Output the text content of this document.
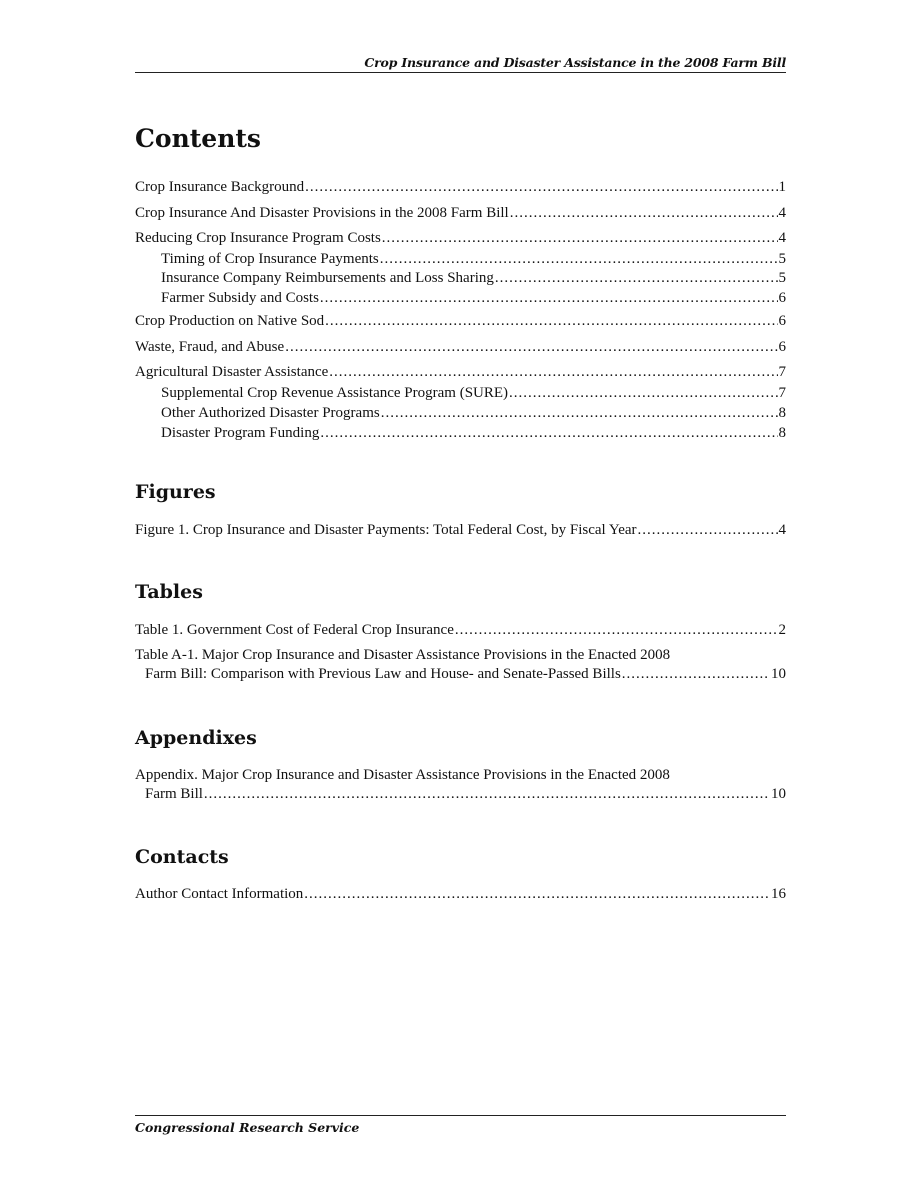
Crop Insurance and Disaster Assistance in the 2008 Farm Bill
Contents
Crop Insurance Background .....	1
Crop Insurance And Disaster Provisions in the 2008 Farm Bill .....	4
Reducing Crop Insurance Program Costs .....	4
Timing of Crop Insurance Payments .....	5
Insurance Company Reimbursements and Loss Sharing .....	5
Farmer Subsidy and Costs .....	6
Crop Production on Native Sod .....	6
Waste, Fraud, and Abuse .....	6
Agricultural Disaster Assistance .....	7
Supplemental Crop Revenue Assistance Program (SURE) .....	7
Other Authorized Disaster Programs .....	8
Disaster Program Funding .....	8
Figures
Figure 1. Crop Insurance and Disaster Payments: Total Federal Cost, by Fiscal Year .....	4
Tables
Table 1. Government Cost of Federal Crop Insurance .....	2
Table A-1. Major Crop Insurance and Disaster Assistance Provisions in the Enacted 2008
Farm Bill: Comparison with Previous Law and House- and Senate-Passed Bills .....	10
Appendixes
Appendix. Major Crop Insurance and Disaster Assistance Provisions in the Enacted 2008
Farm Bill .....	10
Contacts
Author Contact Information .....	16
Congressional Research Service
